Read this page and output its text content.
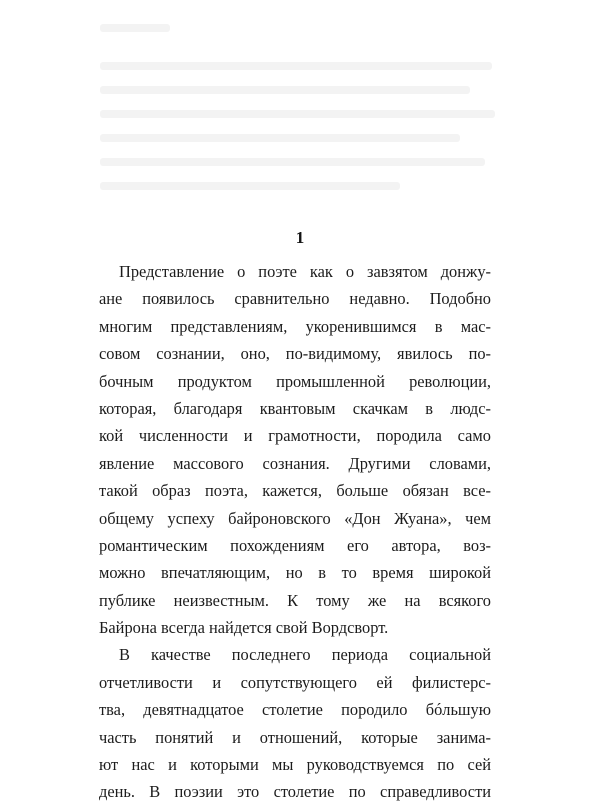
1
Представление о поэте как о завзятом донжу-
ане появилось сравнительно недавно. Подобно
многим представлениям, укоренившимся в мас-
совом сознании, оно, по-видимому, явилось по-
бочным продуктом промышленной революции,
которая, благодаря квантовым скачкам в людс-
кой численности и грамотности, породила само
явление массового сознания. Другими словами,
такой образ поэта, кажется, больше обязан все-
общему успеху байроновского «Дон Жуана», чем
романтическим похождениям его автора, воз-
можно впечатляющим, но в то время широкой
публике неизвестным. К тому же на всякого
Байрона всегда найдется свой Вордсворт.
В качестве последнего периода социальной
отчетливости и сопутствующего ей филистерс-
тва, девятнадцатое столетие породило бóльшую
часть понятий и отношений, которые занима-
ют нас и которыми мы руководствуемся по сей
день. В поэзии это столетие по справедливости
